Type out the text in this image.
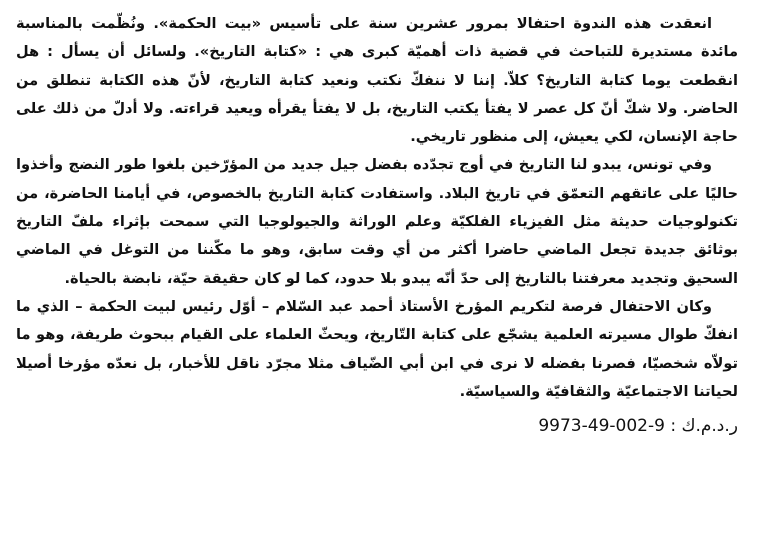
انعقدت هذه الندوة احتفالا بمرور عشرين سنة على تأسيس «بيت الحكمة». ونُظّمت بالمناسبة مائدة مستديرة للتباحث في قضية ذات أهميّة كبرى هي : «كتابة التاريخ». ولسائل أن يسأل : هل انقطعت يوما كتابة التاريخ؟ كلاّ. إننا لا ننفكّ نكتب ونعيد كتابة التاريخ، لأنّ هذه الكتابة تنطلق من الحاضر. ولا شكّ أنّ كل عصر لا يفتأ يكتب التاريخ، بل لا يفتأ يقرأه ويعيد قراءته. ولا أدلّ من ذلك على حاجة الإنسان، لكي يعيش، إلى منظور تاريخي.

وفي تونس، يبدو لنا التاريخ في أوج تجدّده بفضل جيل جديد من المؤرّخين بلغوا طور النضج وأخذوا حاليًا على عاتقهم التعمّق في تاريخ البلاد. واستفادت كتابة التاريخ بالخصوص، في أيامنا الحاضرة، من تكنولوجيات حديثة مثل الفيزياء الفلكيّة وعلم الوراثة والجيولوجيا التي سمحت بإثراء ملفّ التاريخ بوثائق جديدة تجعل الماضي حاضرا أكثر من أي وقت سابق، وهو ما مكّننا من التوغل في الماضي السحيق وتجديد معرفتنا بالتاريخ إلى حدّ أنّه يبدو بلا حدود، كما لو كان حقيقة حيّة، نابضة بالحياة.

وكان الاحتفال فرصة لتكريم المؤرخ الأستاذ أحمد عبد السّلام – أوّل رئيس لبيت الحكمة – الذي ما انفكّ طوال مسيرته العلمية يشجّع على كتابة التّاريخ، ويحثّ العلماء على القيام ببحوث طريفة، وهو ما تولاّه شخصيّا، فصرنا بفضله لا نرى في ابن أبي الضّياف مثلا مجرّد ناقل للأخبار، بل نعدّه مؤرخا أصيلا لحياتنا الاجتماعيّة والثقافيّة والسياسيّة.

ر.د.م.ك : 9973-49-002-9
